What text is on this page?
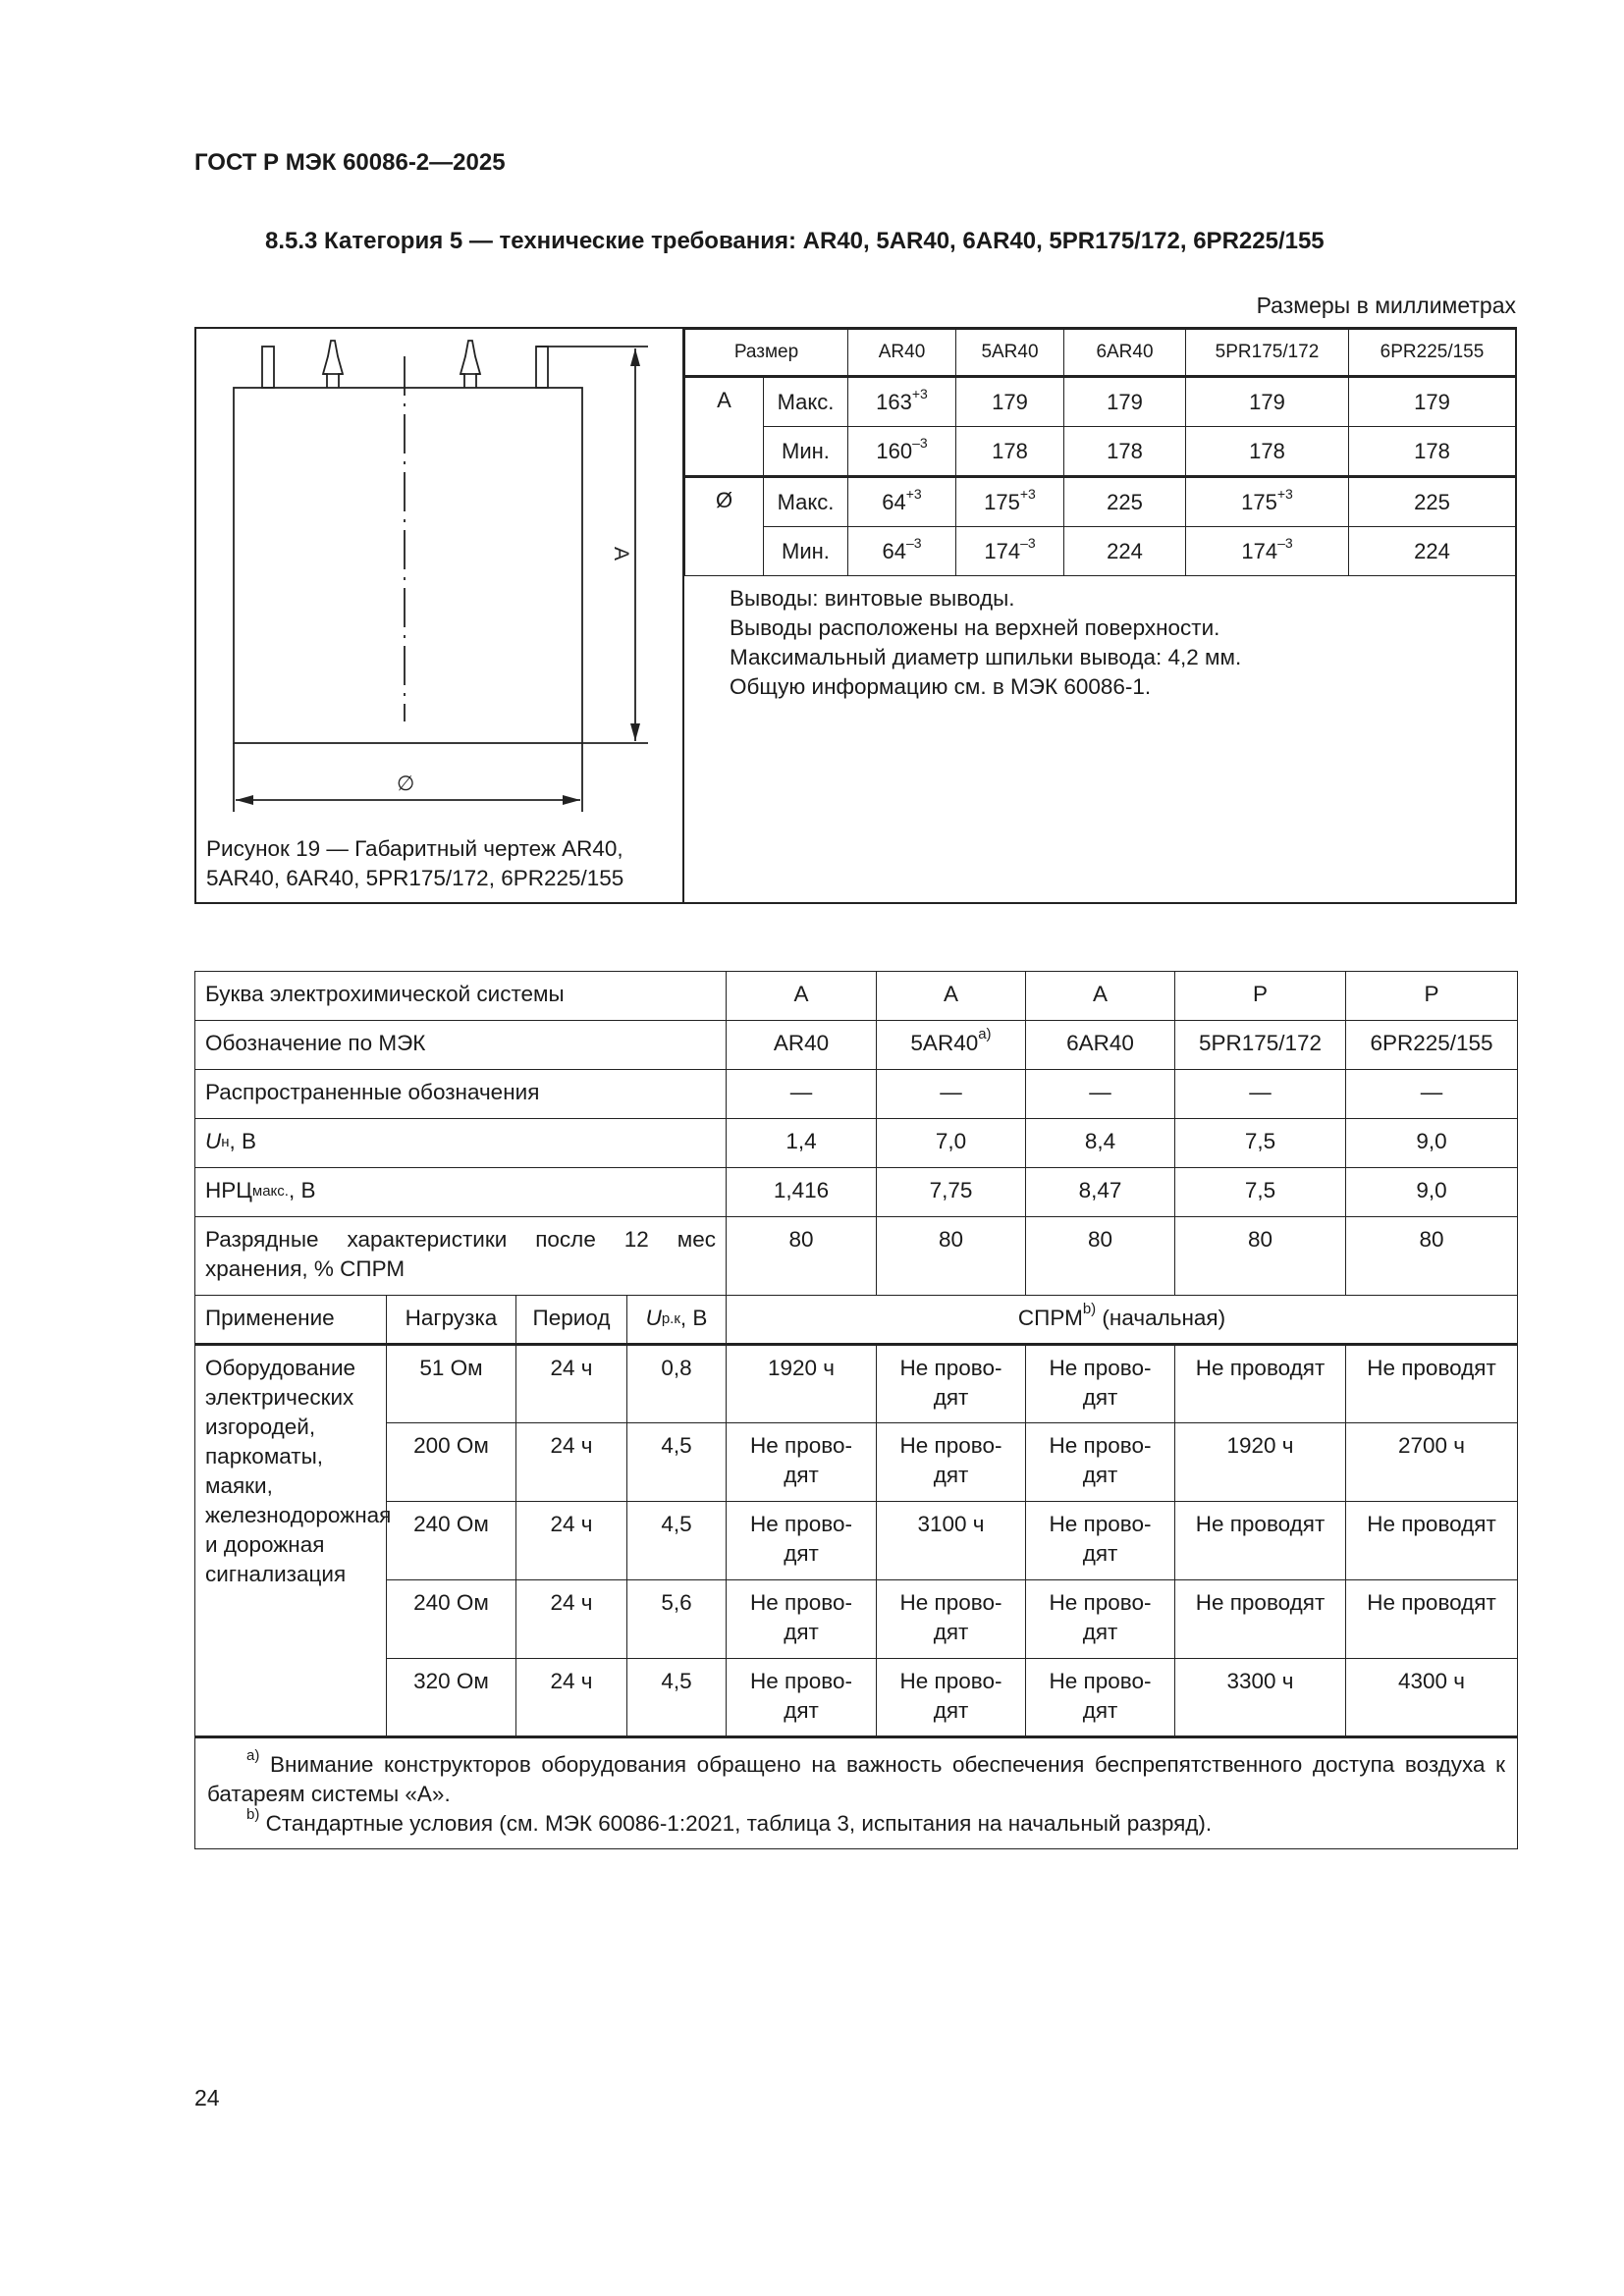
ГОСТ Р МЭК 60086-2—2025
8.5.3 Категория 5 — технические требования: AR40, 5AR40, 6AR40, 5PR175/172, 6PR225/155
Размеры в миллиметрах
A
∅
Рисунок 19 — Габаритный чертеж AR40,
5AR40, 6AR40, 5PR175/172, 6PR225/155
Размер		AR40	5AR40	6AR40	5PR175/172	6PR225/155
A	Макс.	$163^{+3}$	179	179	179	179
	Мин.	$160^{-3}$	178	178	178	178
Ø	Макс.	$64^{+3}$	$175^{+3}$	225	$175^{+3}$	225
	Мин.	$64^{-3}$	$174^{-3}$	224	$174^{-3}$	224
Выводы: винтовые выводы.
Выводы расположены на верхней поверхности.
Максимальный диаметр шпильки вывода: 4,2 мм.
Общую информацию см. в МЭК 60086-1.
Буква электрохимической системы				A	A	A	P	P
Обозначение по МЭК				AR40	5AR40$^{a)}$	6AR40	5PR175/172	6PR225/155
Распространенные обозначения				—	—	—	—	—
$U_н$, В				1,4	7,0	8,4	7,5	9,0
$НРЦ_{макс.}$, В				1,416	7,75	8,47	7,5	9,0
Разрядные характеристики после 12 мес хранения, % СПРМ				80	80	80	80	80
Применение	Нагрузка	Период	$U_{р.к}$, В	СПРМ$^{b)}$ (начальная)				
Оборудование электрических изгородей, паркоматы, маяки, железнодорожная и дорожная сигнализация	51 Ом	24 ч	0,8	1920 ч	Не прово-дят	Не прово-дят	Не проводят	Не проводят
	200 Ом	24 ч	4,5	Не прово-дят	Не прово-дят	Не прово-дят	1920 ч	2700 ч
	240 Ом	24 ч	4,5	Не прово-дят	3100 ч	Не прово-дят	Не проводят	Не проводят
	240 Ом	24 ч	5,6	Не прово-дят	Не прово-дят	Не прово-дят	Не проводят	Не проводят
	320 Ом	24 ч	4,5	Не прово-дят	Не прово-дят	Не прово-дят	3300 ч	4300 ч

$^{a)}$ Внимание конструкторов оборудования обращено на важность обеспечения беспрепятственного доступа воздуха к батареям системы «A».
$^{b)}$ Стандартные условия (см. МЭК 60086-1:2021, таблица 3, испытания на начальный разряд).								
24
